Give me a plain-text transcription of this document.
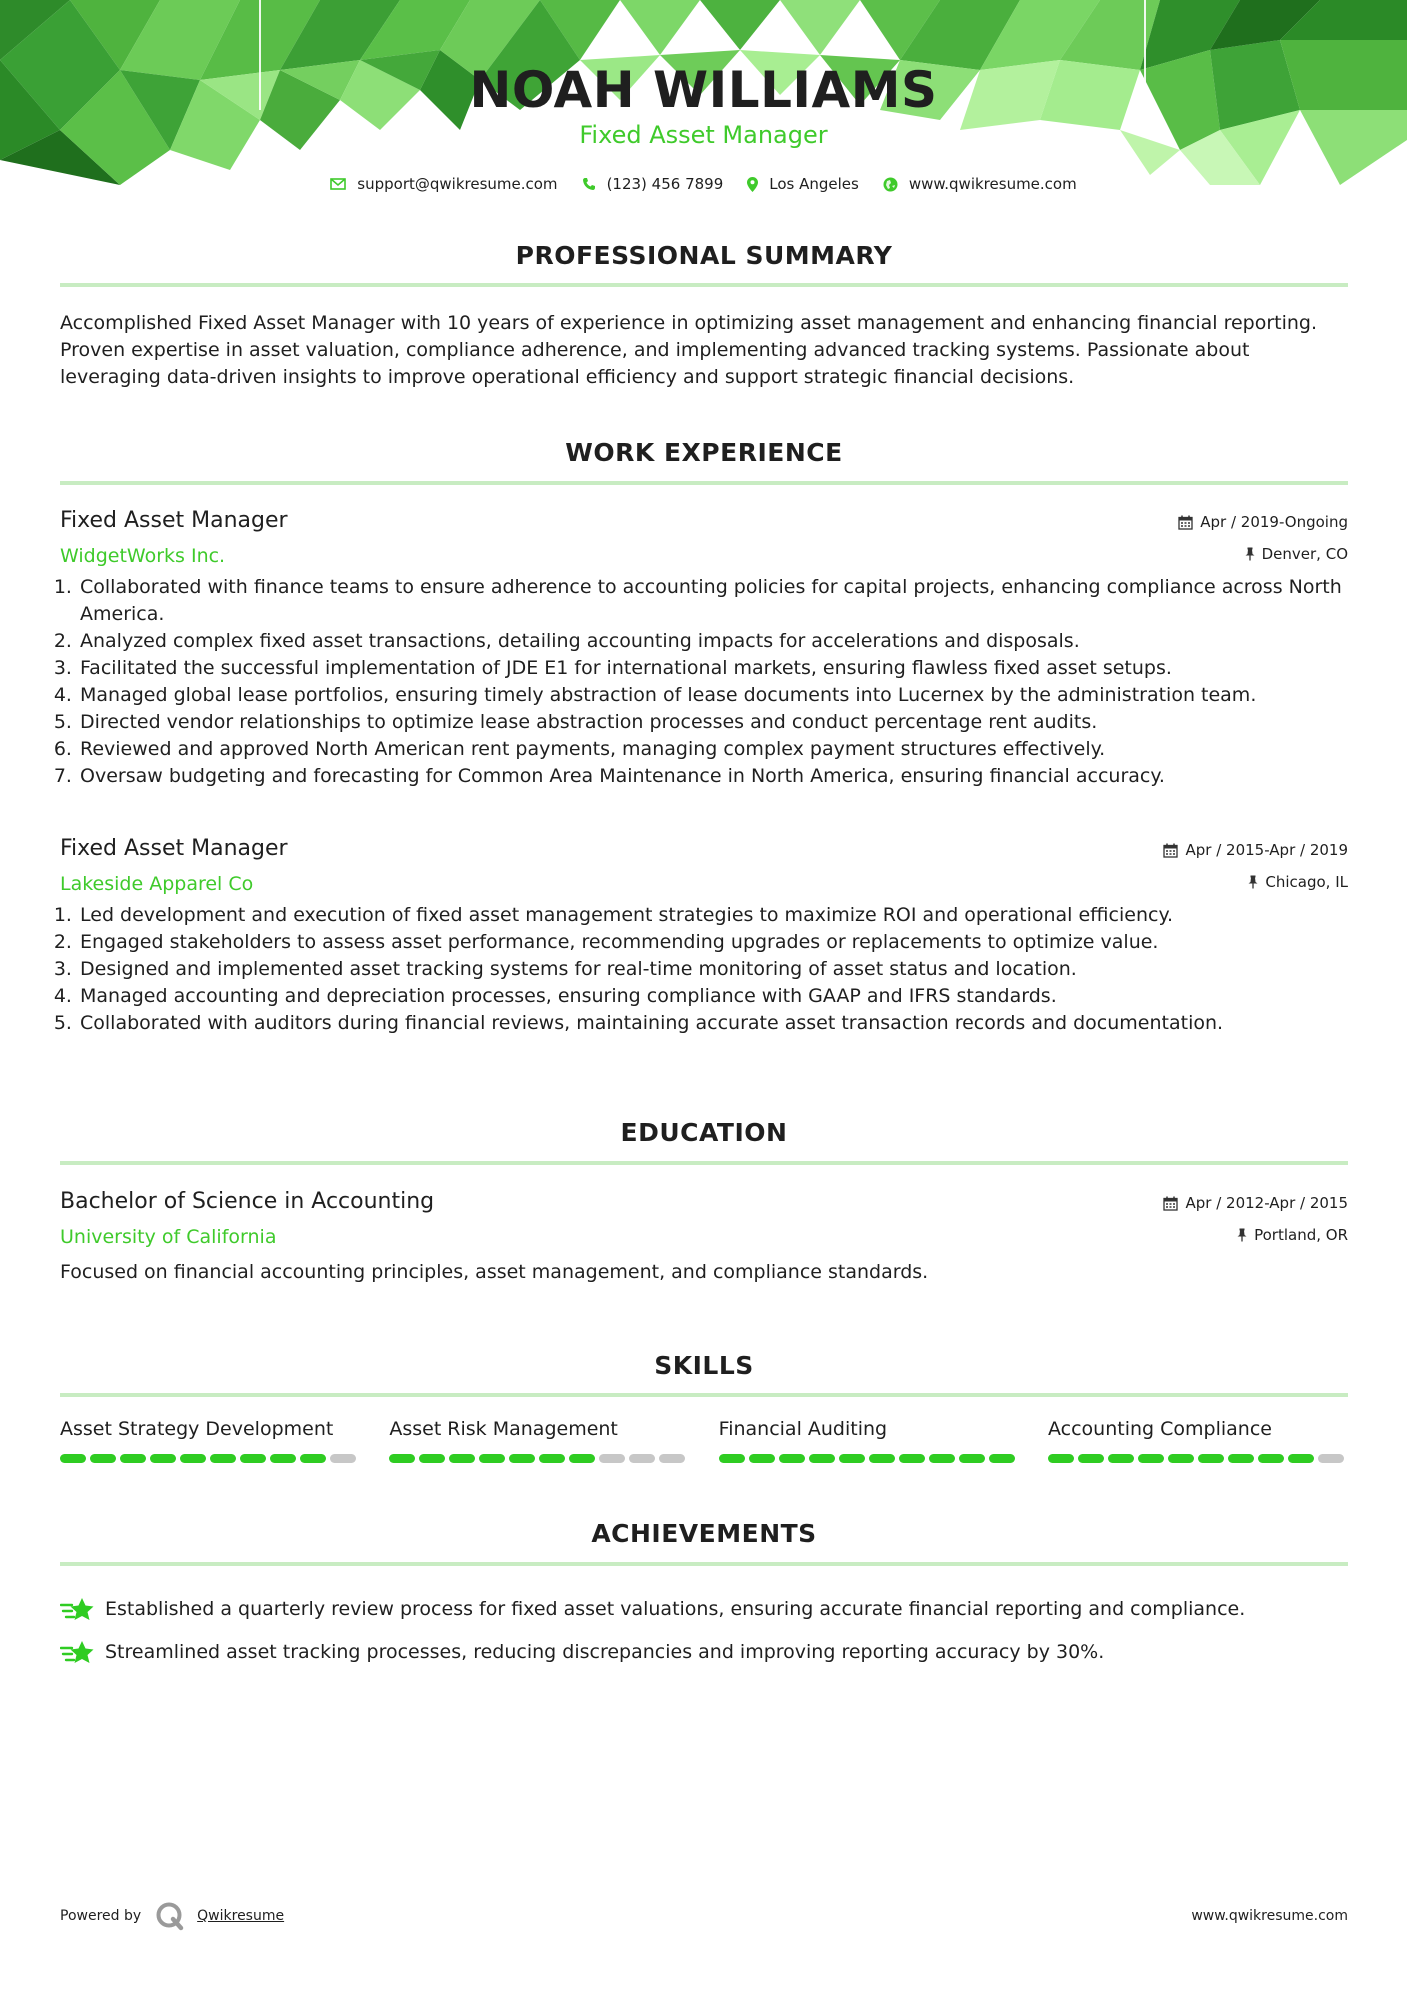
NOAH WILLIAMS
Fixed Asset Manager
support@qwikresume.com	(123) 456 7899	Los Angeles	www.qwikresume.com
PROFESSIONAL SUMMARY

Accomplished Fixed Asset Manager with 10 years of experience in optimizing asset management and enhancing financial reporting. Proven expertise in asset valuation, compliance adherence, and implementing advanced tracking systems. Passionate about leveraging data-driven insights to improve operational efficiency and support strategic financial decisions.

WORK EXPERIENCE
Fixed Asset Manager
WidgetWorks Inc.
Apr / 2019-Ongoing
Denver, CO
1. Collaborated with finance teams to ensure adherence to accounting policies for capital projects, enhancing compliance across North America.
2. Analyzed complex fixed asset transactions, detailing accounting impacts for accelerations and disposals.
3. Facilitated the successful implementation of JDE E1 for international markets, ensuring flawless fixed asset setups.
4. Managed global lease portfolios, ensuring timely abstraction of lease documents into Lucernex by the administration team.
5. Directed vendor relationships to optimize lease abstraction processes and conduct percentage rent audits.
6. Reviewed and approved North American rent payments, managing complex payment structures effectively.
7. Oversaw budgeting and forecasting for Common Area Maintenance in North America, ensuring financial accuracy.
Fixed Asset Manager
Lakeside Apparel Co
Apr / 2015-Apr / 2019
Chicago, IL
1. Led development and execution of fixed asset management strategies to maximize ROI and operational efficiency.
2. Engaged stakeholders to assess asset performance, recommending upgrades or replacements to optimize value.
3. Designed and implemented asset tracking systems for real-time monitoring of asset status and location.
4. Managed accounting and depreciation processes, ensuring compliance with GAAP and IFRS standards.
5. Collaborated with auditors during financial reviews, maintaining accurate asset transaction records and documentation.
EDUCATION
Bachelor of Science in Accounting
University of California
Apr / 2012-Apr / 2015
Portland, OR

Focused on financial accounting principles, asset management, and compliance standards.

SKILLS
Asset Strategy Development	Asset Risk Management	Financial Auditing	Accounting Compliance
ACHIEVEMENTS
Established a quarterly review process for fixed asset valuations, ensuring accurate financial reporting and compliance.
Streamlined asset tracking processes, reducing discrepancies and improving reporting accuracy by 30%.
Powered by	Qwikresume	www.qwikresume.com
